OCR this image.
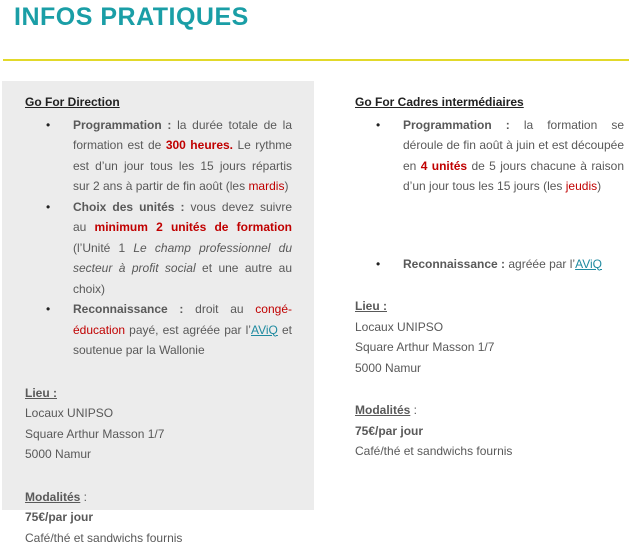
INFOS PRATIQUES

Go For Direction

• Programmation : la durée totale de la formation est de 300 heures. Le rythme est d’un jour tous les 15 jours répartis sur 2 ans à partir de fin août (les mardis)
• Choix des unités : vous devez suivre au minimum 2 unités de formation (l’Unité 1 Le champ professionnel du secteur à profit social et une autre au choix)
• Reconnaissance : droit au congé-éducation payé, est agréée par l’AViQ et soutenue par la Wallonie

Lieu :

Locaux UNIPSO

Square Arthur Masson 1/7

5000 Namur

Modalités :

75€/par jour

Café/thé et sandwichs fournis

Go For Cadres intermédiaires

• Programmation : la formation se déroule de fin août à juin et est découpée en 4 unités de 5 jours chacune à raison d’un jour tous les 15 jours (les jeudis)
• Reconnaissance : agréée par l’AViQ

Lieu :

Locaux UNIPSO

Square Arthur Masson 1/7

5000 Namur

Modalités :

75€/par jour

Café/thé et sandwichs fournis
